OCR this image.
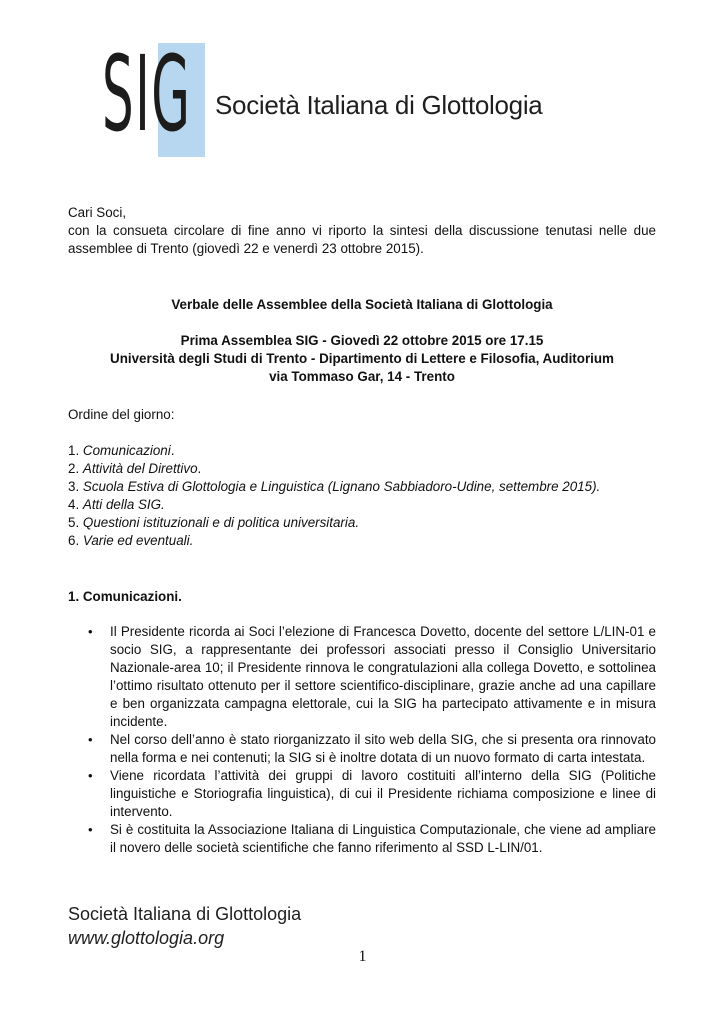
SIG Società Italiana di Glottologia

Cari Soci,

con la consueta circolare di fine anno vi riporto la sintesi della discussione tenutasi nelle due assemblee di Trento (giovedì 22 e venerdì 23 ottobre 2015).

Verbale delle Assemblee della Società Italiana di Glottologia

Prima Assemblea SIG - Giovedì 22 ottobre 2015 ore 17.15

Università degli Studi di Trento - Dipartimento di Lettere e Filosofia, Auditorium

via Tommaso Gar, 14 - Trento

Ordine del giorno:

1. Comunicazioni.
2. Attività del Direttivo.
3. Scuola Estiva di Glottologia e Linguistica (Lignano Sabbiadoro-Udine, settembre 2015).
4. Atti della SIG.
5. Questioni istituzionali e di politica universitaria.
6. Varie ed eventuali.

1. Comunicazioni.

• Il Presidente ricorda ai Soci l’elezione di Francesca Dovetto, docente del settore L/LIN-01 e socio SIG, a rappresentante dei professori associati presso il Consiglio Universitario Nazionale-area 10; il Presidente rinnova le congratulazioni alla collega Dovetto, e sottolinea l’ottimo risultato ottenuto per il settore scientifico-disciplinare, grazie anche ad una capillare e ben organizzata campagna elettorale, cui la SIG ha partecipato attivamente e in misura incidente.
• Nel corso dell’anno è stato riorganizzato il sito web della SIG, che si presenta ora rinnovato nella forma e nei contenuti; la SIG si è inoltre dotata di un nuovo formato di carta intestata.
• Viene ricordata l’attività dei gruppi di lavoro costituiti all’interno della SIG (Politiche linguistiche e Storiografia linguistica), di cui il Presidente richiama composizione e linee di intervento.
• Si è costituita la Associazione Italiana di Linguistica Computazionale, che viene ad ampliare il novero delle società scientifiche che fanno riferimento al SSD L-LIN/01.
Società Italiana di Glottologia
www.glottologia.org
1
